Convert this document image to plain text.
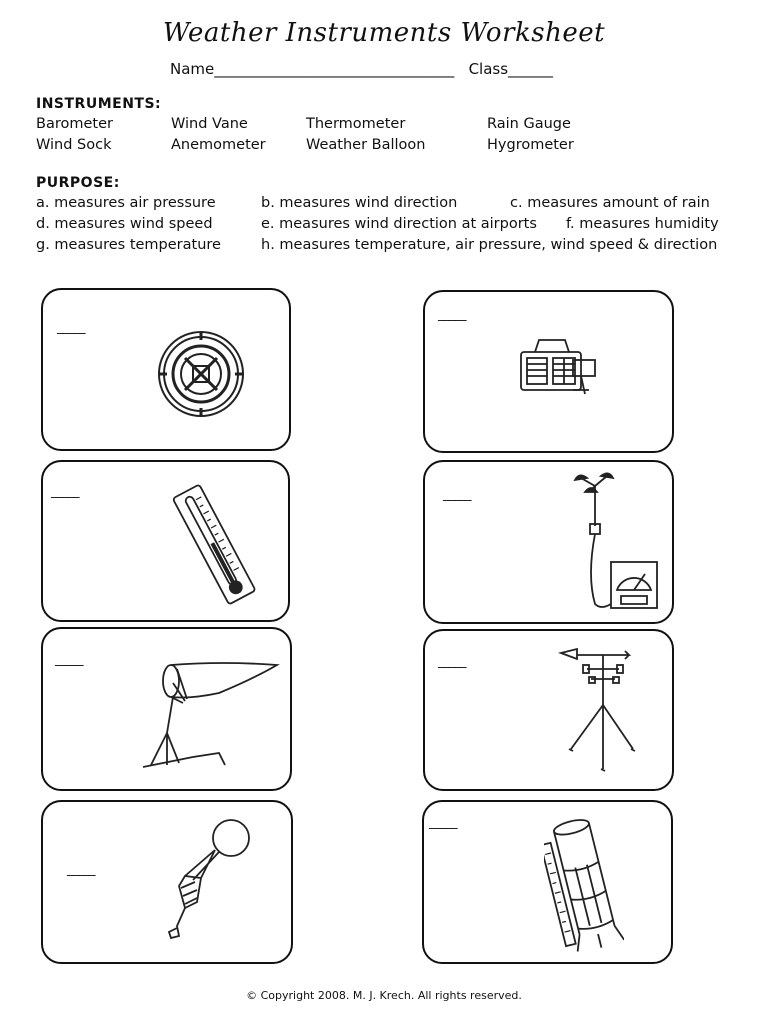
Weather Instruments Worksheet
Name________________________________ Class______
INSTRUMENTS:
Barometer	Wind Vane	Thermometer	Rain Gauge
Wind Sock	Anemometer	Weather Balloon	Hygrometer
PURPOSE:
a. measures air pressure	b. measures wind direction	c. measures amount of rain
d. measures wind speed	e. measures wind direction at airports f. measures humidity
g. measures temperature	h. measures temperature, air pressure, wind speed & direction
_____
_____
_____	_____
_____	_____
_____
_____
© Copyright 2008. M. J. Krech. All rights reserved.
